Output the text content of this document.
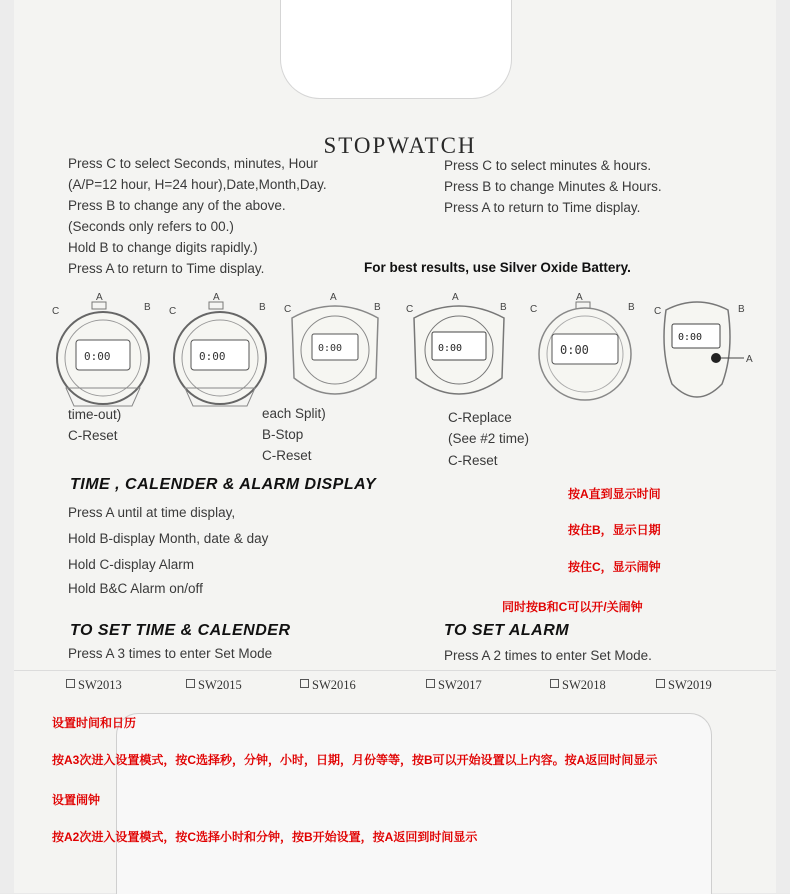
STOPWATCH
Press C to select Seconds, minutes, Hour
(A/P=12 hour, H=24 hour),Date,Month,Day.
Press B to change any of the above.
(Seconds only refers to 00.)
Hold B to change digits rapidly.)
Press A to return to Time display.
Press C to select minutes & hours.
Press B to change Minutes & Hours.
Press A to return to Time display.
For best results, use Silver Oxide Battery.
A
B
C
0:00
A
B
C
0:00
A
B
C
0:00
A
B
C
0:00
A
B
C
0:00
C	B
A
0:00
time-out)
C-Reset
each Split)
B-Stop
C-Reset
C-Replace
(See #2 time)
C-Reset
TIME , CALENDER & ALARM DISPLAY
Press A until at time display,
Hold B-display Month, date & day
Hold C-display Alarm
Hold B&C Alarm on/off
按A直到显示时间
按住B，显示日期
按住C，显示闹钟
同时按B和C可以开/关闹钟
TO SET TIME & CALENDER
Press A 3 times to enter Set Mode
TO SET ALARM
Press A 2 times to enter Set Mode.
SW2013	SW2015	SW2016	SW2017	SW2018	SW2019
设置时间和日历
按A3次进入设置模式，按C选择秒，分钟，小时，日期，月份等等，按B可以开始设置以上内容。按A返回时间显示
设置闹钟
按A2次进入设置模式，按C选择小时和分钟，按B开始设置，按A返回到时间显示
